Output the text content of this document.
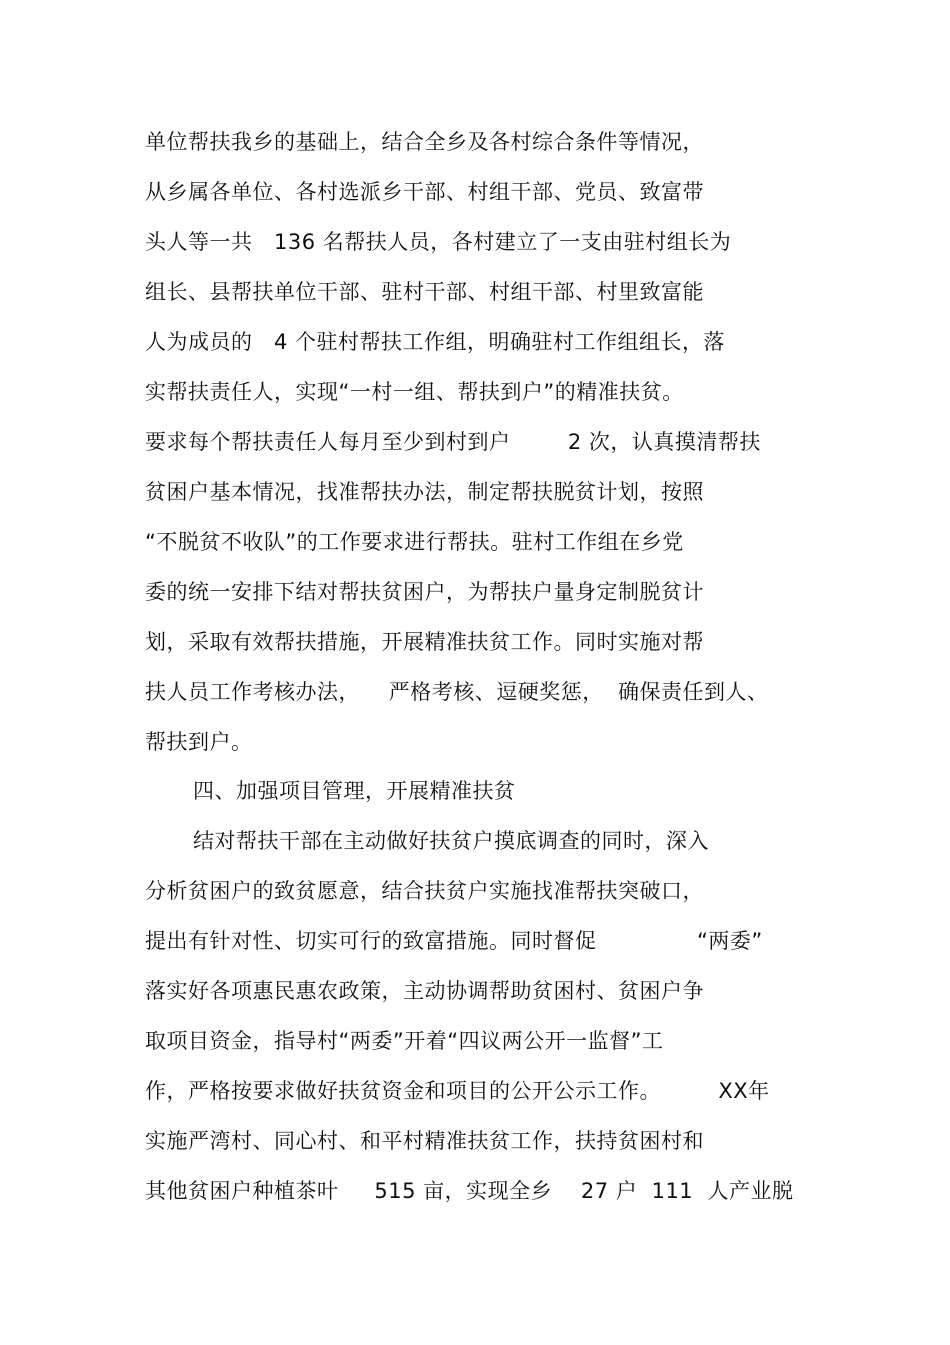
单位帮扶我乡的基础上，结合全乡及各村综合条件等情况，
从乡属各单位、各村选派乡干部、村组干部、党员、致富带
头人等一共   136 名帮扶人员，各村建立了一支由驻村组长为
组长、县帮扶单位干部、驻村干部、村组干部、村里致富能
人为成员的   4 个驻村帮扶工作组，明确驻村工作组组长，落
实帮扶责任人，实现“一村一组、帮扶到户”的精准扶贫。
要求每个帮扶责任人每月至少到村到户        2 次，认真摸清帮扶
贫困户基本情况，找准帮扶办法，制定帮扶脱贫计划，按照
“不脱贫不收队”的工作要求进行帮扶。驻村工作组在乡党
委的统一安排下结对帮扶贫困户，为帮扶户量身定制脱贫计
划，采取有效帮扶措施，开展精准扶贫工作。同时实施对帮
扶人员工作考核办法，    严格考核、逗硬奖惩，  确保责任到人、
帮扶到户。
四、加强项目管理，开展精准扶贫
结对帮扶干部在主动做好扶贫户摸底调查的同时，深入
分析贫困户的致贫愿意，结合扶贫户实施找准帮扶突破口，
提出有针对性、切实可行的致富措施。同时督促              “两委”
落实好各项惠民惠农政策，主动协调帮助贫困村、贫困户争
取项目资金，指导村“两委”开着“四议两公开一监督”工
作，严格按要求做好扶贫资金和项目的公开公示工作。        XX年
实施严湾村、同心村、和平村精准扶贫工作，扶持贫困村和
其他贫困户种植茶叶     515 亩，实现全乡    27 户  111  人产业脱
